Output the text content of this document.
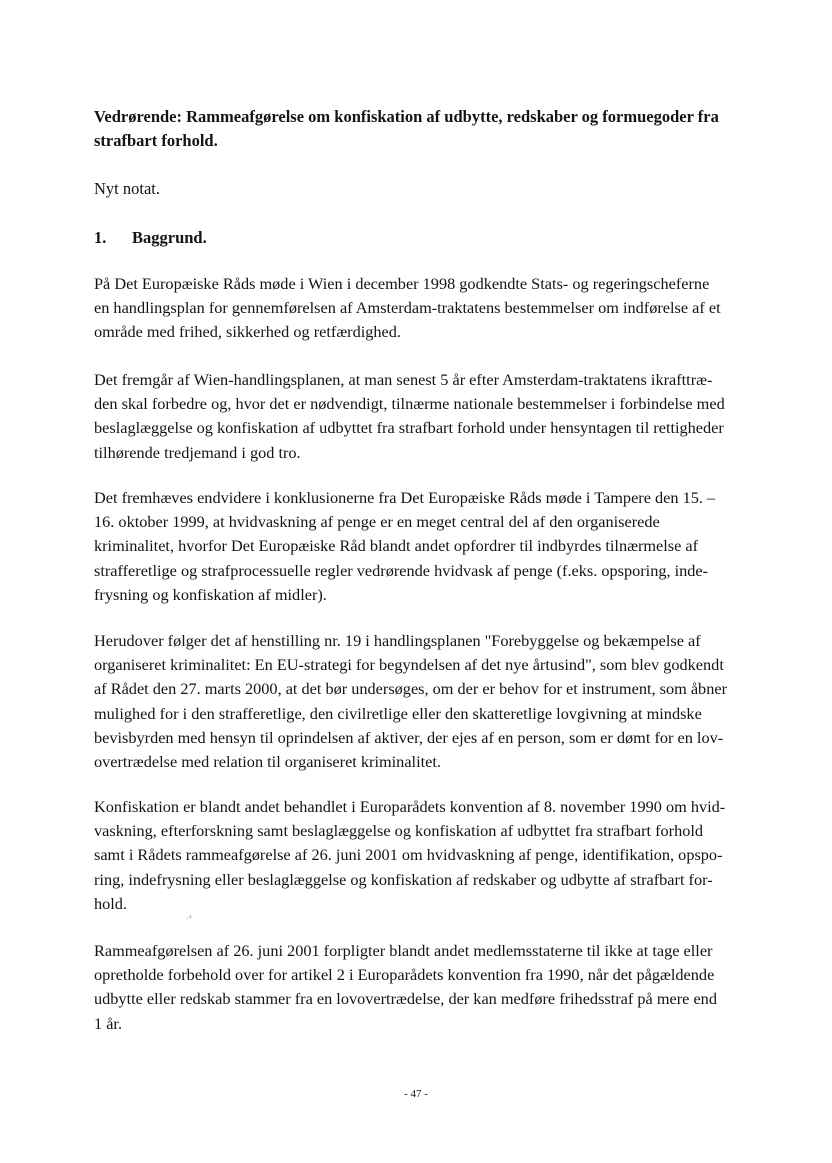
Vedrørende: Rammeafgørelse om konfiskation af udbytte, redskaber og formuegoder fra strafbart forhold.

Nyt notat.

1. Baggrund.

På Det Europæiske Råds møde i Wien i december 1998 godkendte Stats- og regeringscheferne
en handlingsplan for gennemførelsen af Amsterdam-traktatens bestemmelser om indførelse af et
område med frihed, sikkerhed og retfærdighed.

Det fremgår af Wien-handlingsplanen, at man senest 5 år efter Amsterdam-traktatens ikrafttræ-
den skal forbedre og, hvor det er nødvendigt, tilnærme nationale bestemmelser i forbindelse med
beslaglæggelse og konfiskation af udbyttet fra strafbart forhold under hensyntagen til rettigheder
tilhørende tredjemand i god tro.

Det fremhæves endvidere i konklusionerne fra Det Europæiske Råds møde i Tampere den 15. –
16. oktober 1999, at hvidvaskning af penge er en meget central del af den organiserede
kriminalitet, hvorfor Det Europæiske Råd blandt andet opfordrer til indbyrdes tilnærmelse af
strafferetlige og strafprocessuelle regler vedrørende hvidvask af penge (f.eks. opsporing, inde-
frysning og konfiskation af midler).

Herudover følger det af henstilling nr. 19 i handlingsplanen "Forebyggelse og bekæmpelse af
organiseret kriminalitet: En EU-strategi for begyndelsen af det nye årtusind", som blev godkendt
af Rådet den 27. marts 2000, at det bør undersøges, om der er behov for et instrument, som åbner
mulighed for i den strafferetlige, den civilretlige eller den skatteretlige lovgivning at mindske
bevisbyrden med hensyn til oprindelsen af aktiver, der ejes af en person, som er dømt for en lov-
overtrædelse med relation til organiseret kriminalitet.

Konfiskation er blandt andet behandlet i Europarådets konvention af 8. november 1990 om hvid-
vaskning, efterforskning samt beslaglæggelse og konfiskation af udbyttet fra strafbart forhold
samt i Rådets rammeafgørelse af 26. juni 2001 om hvidvaskning af penge, identifikation, opspo-
ring, indefrysning eller beslaglæggelse og konfiskation af redskaber og udbytte af strafbart for-
hold.

·°

Rammeafgørelsen af 26. juni 2001 forpligter blandt andet medlemsstaterne til ikke at tage eller
opretholde forbehold over for artikel 2 i Europarådets konvention fra 1990, når det pågældende
udbytte eller redskab stammer fra en lovovertrædelse, der kan medføre frihedsstraf på mere end
1 år.

- 47 -
